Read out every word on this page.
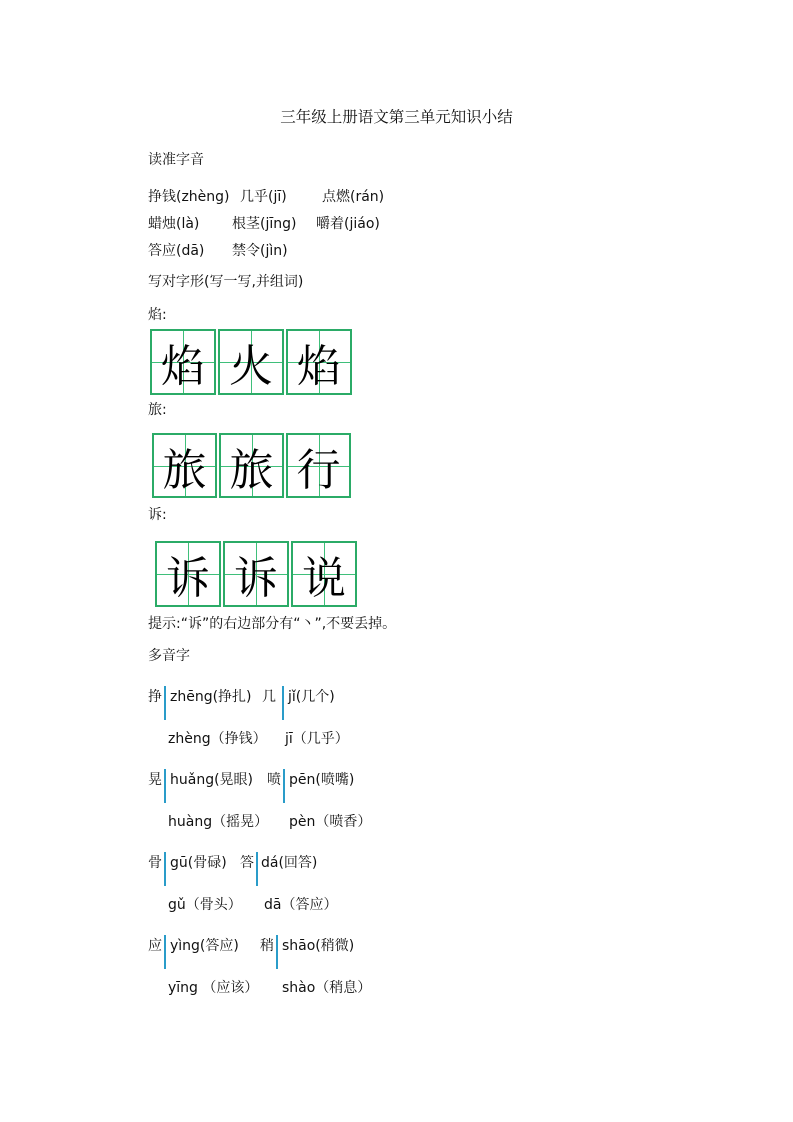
三年级上册语文第三单元知识小结
读准字音
挣钱(zhèng) 几乎(jī)	点燃(rán)
蜡烛(là) 根茎(jīng) 嚼着(jiáo)
答应(dā) 禁令(jìn)
写对字形(写一写,并组词)
焰:
焰 火 焰
旅:
旅 旅 行
诉:
诉 诉 说
提示:“诉”的右边部分有“丶”,不要丢掉。
多音字
挣 zhēng(挣扎)
zhèng（挣钱）
几 jǐ(几个)
jī（几乎）
晃 huǎng(晃眼)
huàng（摇晃）
喷 pēn(喷嘴)
pèn（喷香）
骨 gū(骨碌)
gǔ（骨头）
答 dá(回答)
dā（答应）
应 yìng(答应)
yīng （应该）
稍 shāo(稍微)
shào（稍息）
